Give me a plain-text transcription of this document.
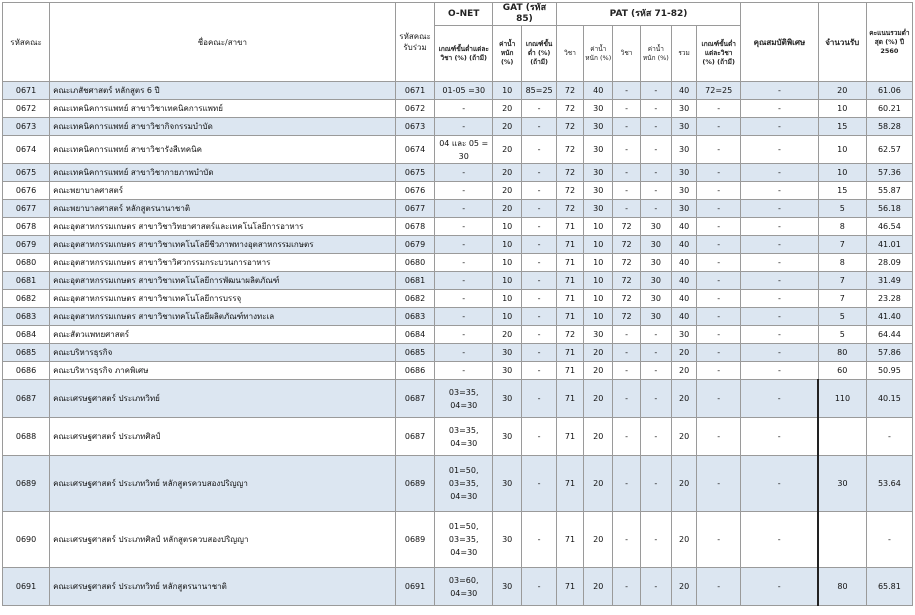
รหัสคณะ	ชื่อคณะ/สาขา	รหัสคณะรับร่วม	O-NET	GAT (รหัส 85)		PAT (รหัส 71-82)						คุณสมบัติพิเศษ	จำนวนรับ	คะแนนรวมต่ำสุด (%) ปี 2560
			เกณฑ์ขั้นต่ำแต่ละวิชา (%) (ถ้ามี)	ค่าน้ำหนัก (%)	เกณฑ์ขั้นต่ำ (%) (ถ้ามี)	วิชา	ค่าน้ำหนัก (%)	วิชา	ค่าน้ำหนัก (%)	รวม	เกณฑ์ขั้นต่ำแต่ละวิชา (%) (ถ้ามี)			
0671	คณะเภสัชศาสตร์ หลักสูตร 6 ปี	0671	01-05 =30	10	85=25	72	40	-	-	40	72=25	-	20	61.06
0672	คณะเทคนิคการแพทย์ สาขาวิชาเทคนิคการแพทย์	0672	-	20	-	72	30	-	-	30	-	-	10	60.21
0673	คณะเทคนิคการแพทย์ สาขาวิชากิจกรรมบำบัด	0673	-	20	-	72	30	-	-	30	-	-	15	58.28
0674	คณะเทคนิคการแพทย์ สาขาวิชารังสีเทคนิค	0674	04 และ 05 = 30	20	-	72	30	-	-	30	-	-	10	62.57
0675	คณะเทคนิคการแพทย์ สาขาวิชากายภาพบำบัด	0675	-	20	-	72	30	-	-	30	-	-	10	57.36
0676	คณะพยาบาลศาสตร์	0676	-	20	-	72	30	-	-	30	-	-	15	55.87
0677	คณะพยาบาลศาสตร์ หลักสูตรนานาชาติ	0677	-	20	-	72	30	-	-	30	-	-	5	56.18
0678	คณะอุตสาหกรรมเกษตร สาขาวิชาวิทยาศาสตร์และเทคโนโลยีการอาหาร	0678	-	10	-	71	10	72	30	40	-	-	8	46.54
0679	คณะอุตสาหกรรมเกษตร สาขาวิชาเทคโนโลยีชีวภาพทางอุตสาหกรรมเกษตร	0679	-	10	-	71	10	72	30	40	-	-	7	41.01
0680	คณะอุตสาหกรรมเกษตร สาขาวิชาวิศวกรรมกระบวนการอาหาร	0680	-	10	-	71	10	72	30	40	-	-	8	28.09
0681	คณะอุตสาหกรรมเกษตร สาขาวิชาเทคโนโลยีการพัฒนาผลิตภัณฑ์	0681	-	10	-	71	10	72	30	40	-	-	7	31.49
0682	คณะอุตสาหกรรมเกษตร สาขาวิชาเทคโนโลยีการบรรจุ	0682	-	10	-	71	10	72	30	40	-	-	7	23.28
0683	คณะอุตสาหกรรมเกษตร สาขาวิชาเทคโนโลยีผลิตภัณฑ์ทางทะเล	0683	-	10	-	71	10	72	30	40	-	-	5	41.40
0684	คณะสัตวแพทยศาสตร์	0684	-	20	-	72	30	-	-	30	-	-	5	64.44
0685	คณะบริหารธุรกิจ	0685	-	30	-	71	20	-	-	20	-	-	80	57.86
0686	คณะบริหารธุรกิจ ภาคพิเศษ	0686	-	30	-	71	20	-	-	20	-	-	60	50.95
0687	คณะเศรษฐศาสตร์ ประเภทวิทย์	0687	03=35, 04=30	30	-	71	20	-	-	20	-	-	110	40.15
0688	คณะเศรษฐศาสตร์ ประเภทศิลป์	0687	03=35, 04=30	30	-	71	20	-	-	20	-	-		-
0689	คณะเศรษฐศาสตร์ ประเภทวิทย์ หลักสูตรควบสองปริญญา	0689	01=50, 03=35, 04=30	30	-	71	20	-	-	20	-	-	30	53.64
0690	คณะเศรษฐศาสตร์ ประเภทศิลป์ หลักสูตรควบสองปริญญา	0689	01=50, 03=35, 04=30	30	-	71	20	-	-	20	-	-		-
0691	คณะเศรษฐศาสตร์ ประเภทวิทย์ หลักสูตรนานาชาติ	0691	03=60, 04=30	30	-	71	20	-	-	20	-	-	80	65.81
